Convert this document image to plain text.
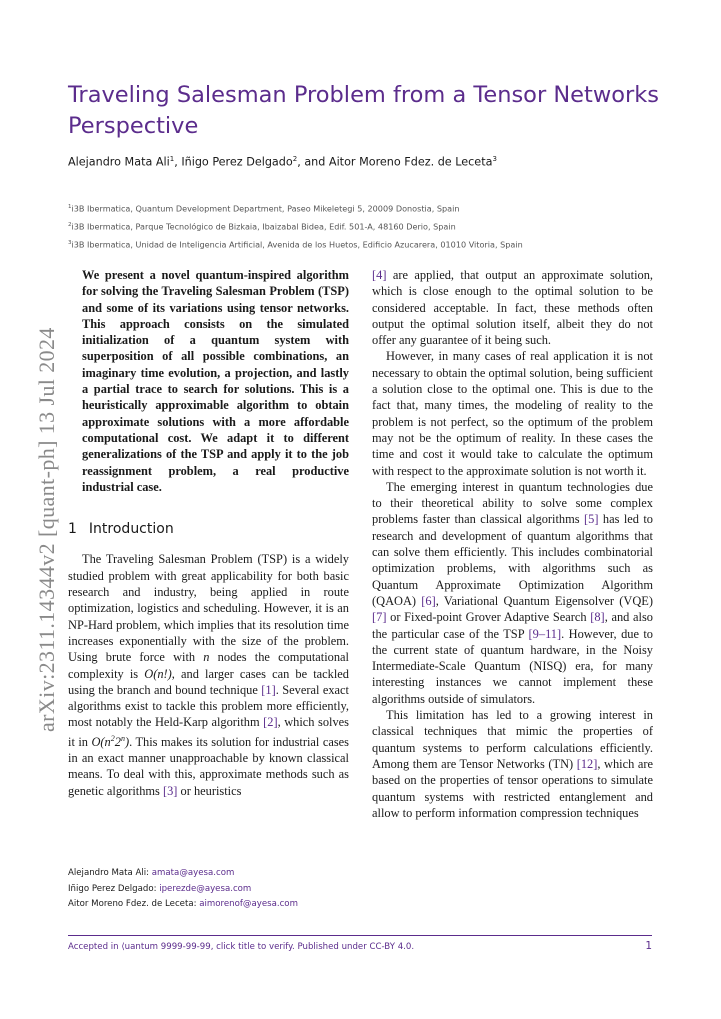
arXiv:2311.14344v2 [quant-ph] 13 Jul 2024
Traveling Salesman Problem from a Tensor Networks Perspective
Alejandro Mata Ali$^1$, Iñigo Perez Delgado$^2$, and Aitor Moreno Fdez. de Leceta$^3$
$^1$i3B Ibermatica, Quantum Development Department, Paseo Mikeletegi 5, 20009 Donostia, Spain
$^2$i3B Ibermatica, Parque Tecnológico de Bizkaia, Ibaizabal Bidea, Edif. 501-A, 48160 Derio, Spain
$^3$i3B Ibermatica, Unidad de Inteligencia Artificial, Avenida de los Huetos, Edificio Azucarera, 01010 Vitoria, Spain

We present a novel quantum-inspired algorithm for solving the Traveling Salesman Problem (TSP) and some of its variations using tensor networks. This approach consists on the simulated initialization of a quantum system with superposition of all possible combinations, an imaginary time evolution, a projection, and lastly a partial trace to search for solutions. This is a heuristically approximable algorithm to obtain approximate solutions with a more affordable computational cost. We adapt it to different generalizations of the TSP and apply it to the job reassignment problem, a real productive industrial case.

1 Introduction

The Traveling Salesman Problem (TSP) is a widely studied problem with great applicability for both basic research and industry, being applied in route optimization, logistics and scheduling. However, it is an NP-Hard problem, which implies that its resolution time increases exponentially with the size of the problem. Using brute force with n nodes the computational complexity is O(n!), and larger cases can be tackled using the branch and bound technique [1]. Several exact algorithms exist to tackle this problem more efficiently, most notably the Held-Karp algorithm [2], which solves it in $O(n^22^n)$. This makes its solution for industrial cases in an exact manner unapproachable by known classical means. To deal with this, approximate methods such as genetic algorithms [3] or heuristics

[4] are applied, that output an approximate solution, which is close enough to the optimal solution to be considered acceptable. In fact, these methods often output the optimal solution itself, albeit they do not offer any guarantee of it being such.

However, in many cases of real application it is not necessary to obtain the optimal solution, being sufficient a solution close to the optimal one. This is due to the fact that, many times, the modeling of reality to the problem is not perfect, so the optimum of the problem may not be the optimum of reality. In these cases the time and cost it would take to calculate the optimum with respect to the approximate solution is not worth it.

The emerging interest in quantum technologies due to their theoretical ability to solve some complex problems faster than classical algorithms [5] has led to research and development of quantum algorithms that can solve them efficiently. This includes combinatorial optimization problems, with algorithms such as Quantum Approximate Optimization Algorithm (QAOA) [6], Variational Quantum Eigensolver (VQE) [7] or Fixed-point Grover Adaptive Search [8], and also the particular case of the TSP [9–11]. However, due to the current state of quantum hardware, in the Noisy Intermediate-Scale Quantum (NISQ) era, for many interesting instances we cannot implement these algorithms outside of simulators.

This limitation has led to a growing interest in classical techniques that mimic the properties of quantum systems to perform calculations efficiently. Among them are Tensor Networks (TN) [12], which are based on the properties of tensor operations to simulate quantum systems with restricted entanglement and allow to perform information compression techniques

Alejandro Mata Ali: amata@ayesa.com
Iñigo Perez Delgado: iperezde@ayesa.com
Aitor Moreno Fdez. de Leceta: aimorenof@ayesa.com
Accepted in ⟨uantum 9999-99-99, click title to verify. Published under CC-BY 4.0.	1
